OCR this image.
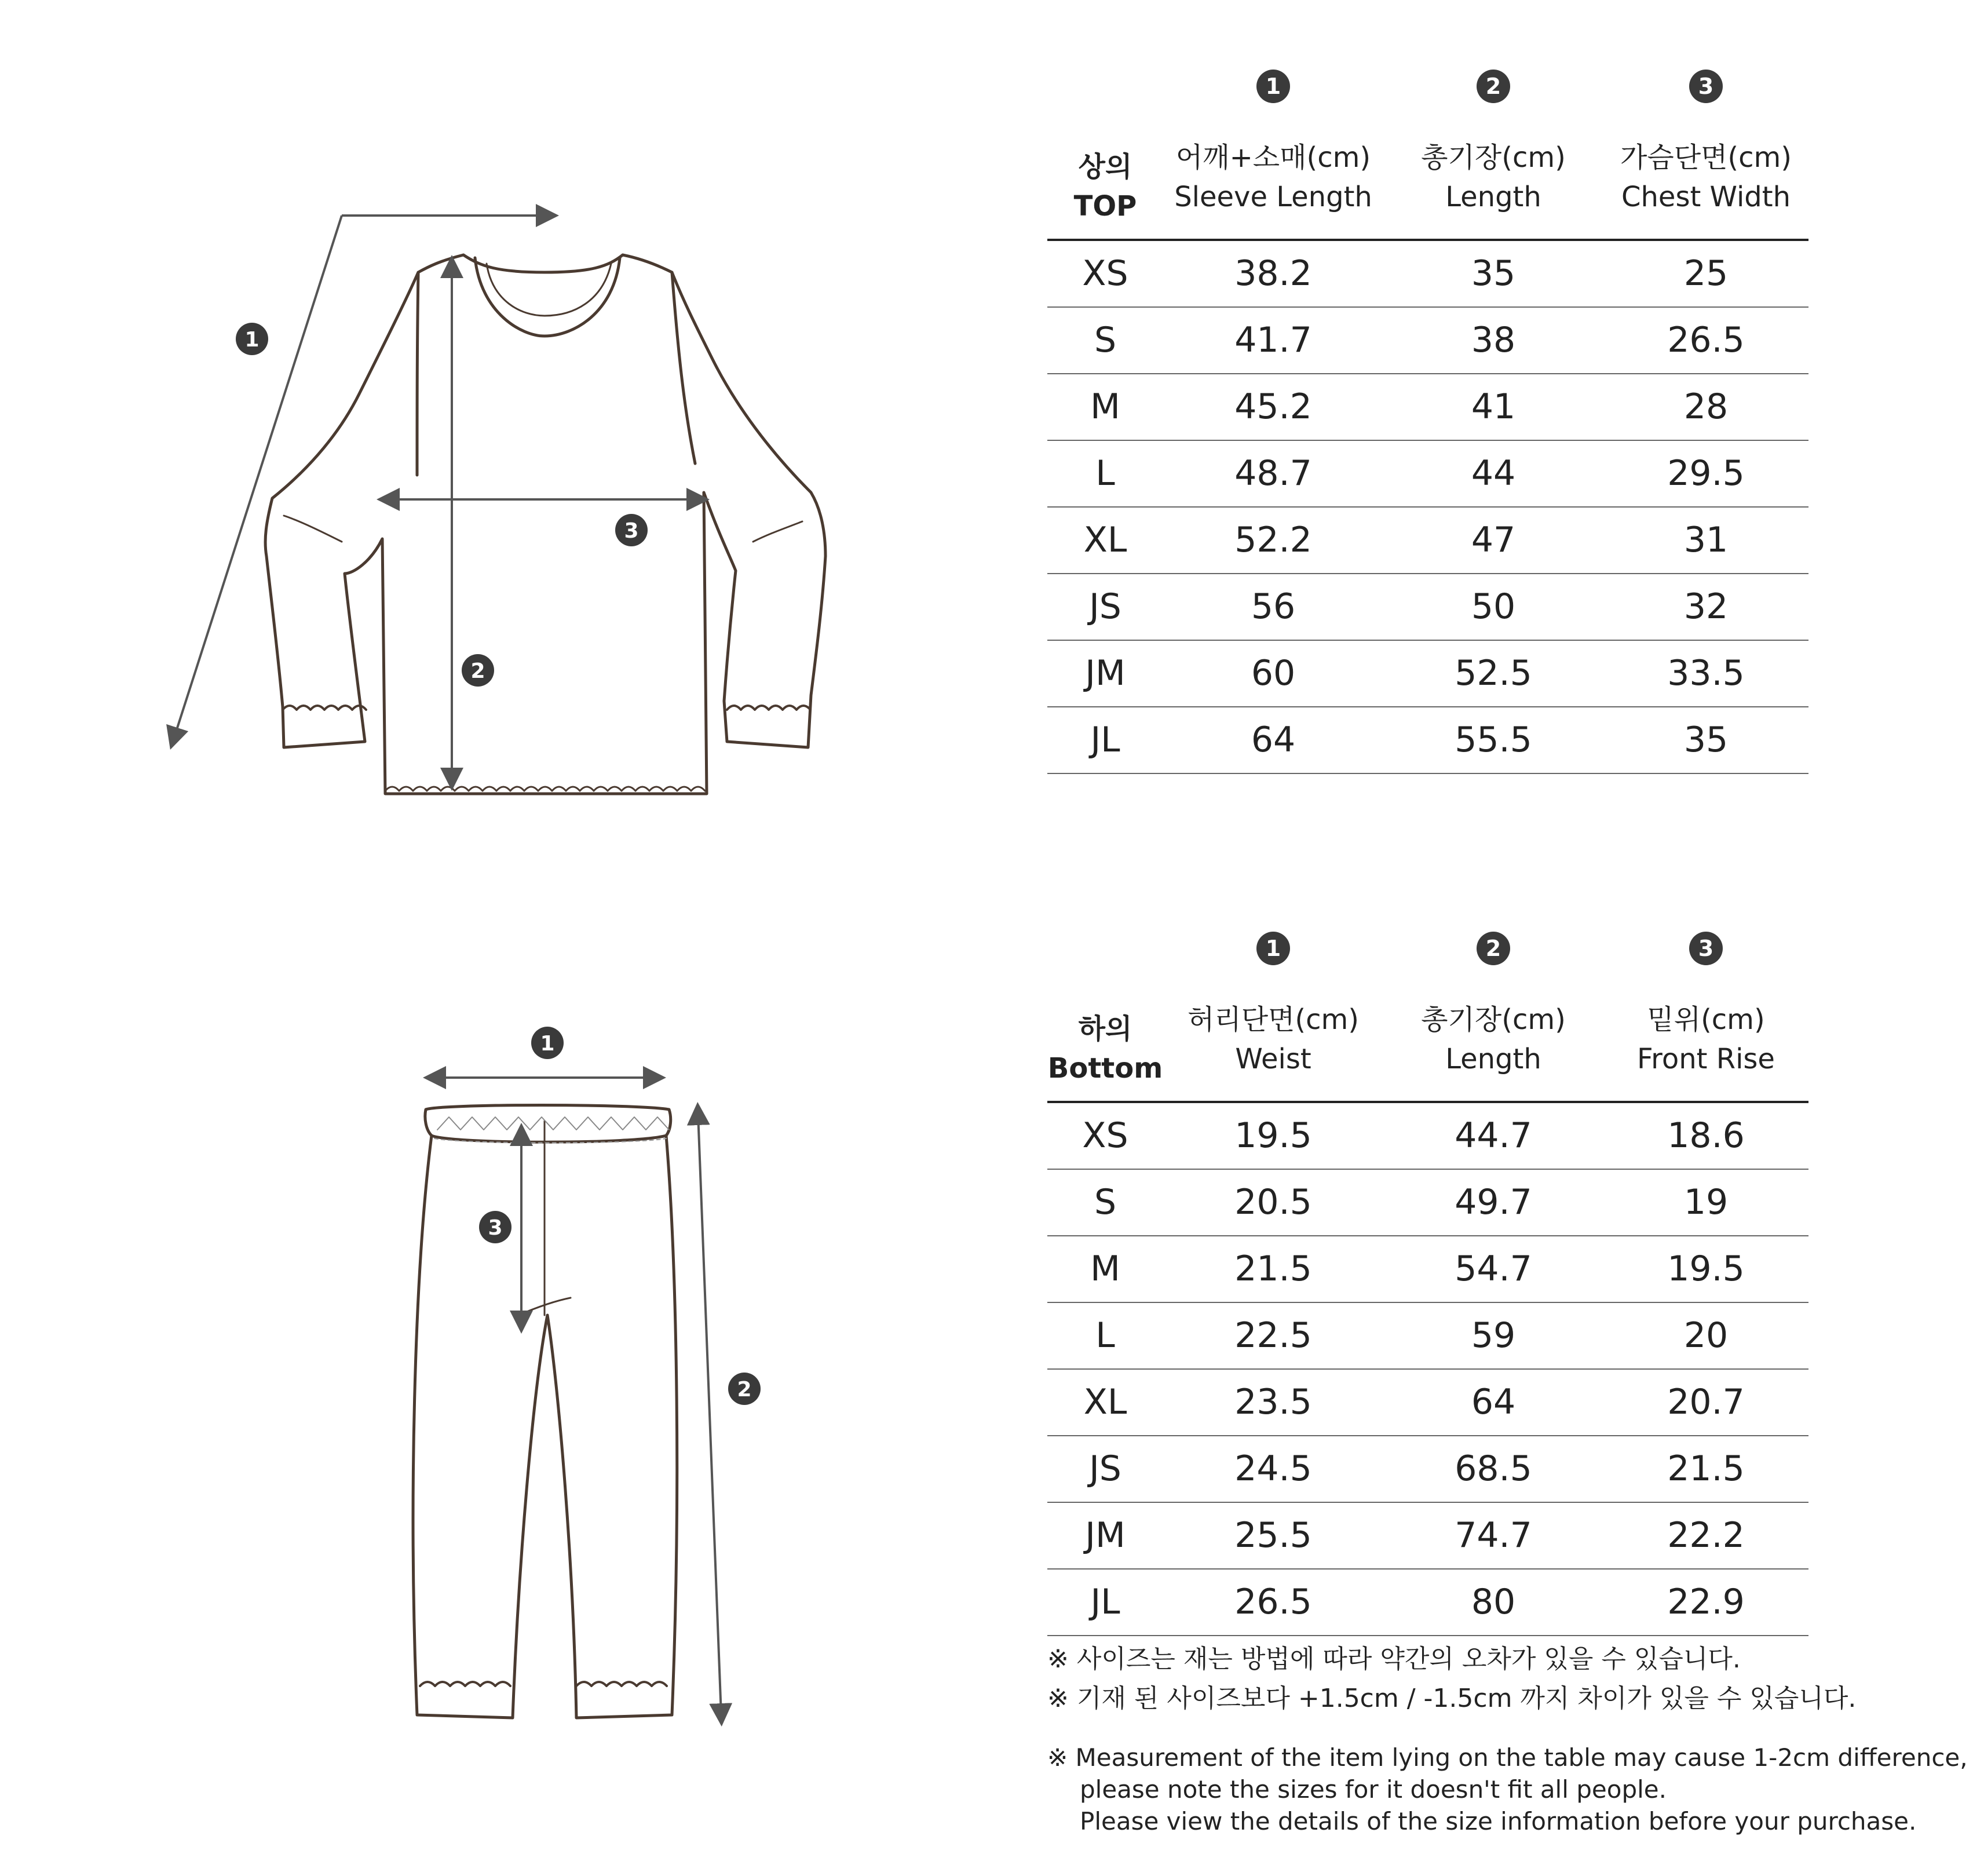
1
2
3
1
3
2
상의
TOP
1
어깨+소매(cm)
Sleeve Length
2
총기장(cm)
Length
3
가슴단면(cm)
Chest Width
XS	38.2	35	25
S	41.7	38	26.5
M	45.2	41	28
L	48.7	44	29.5
XL	52.2	47	31
JS	56	50	32
JM	60	52.5	33.5
JL	64	55.5	35
하의
Bottom
1
허리단면(cm)
Weist
2
총기장(cm)
Length
3
밑위(cm)
Front Rise
XS	19.5	44.7	18.6
S	20.5	49.7	19
M	21.5	54.7	19.5
L	22.5	59	20
XL	23.5	64	20.7
JS	24.5	68.5	21.5
JM	25.5	74.7	22.2
JL	26.5	80	22.9
※ 사이즈는 재는 방법에 따라 약간의 오차가 있을 수 있습니다.
※ 기재 된 사이즈보다 +1.5cm / -1.5cm 까지 차이가 있을 수 있습니다.
※ Measurement of the item lying on the table may cause 1-2cm difference,
please note the sizes for it doesn't fit all people.
Please view the details of the size information before your purchase.
